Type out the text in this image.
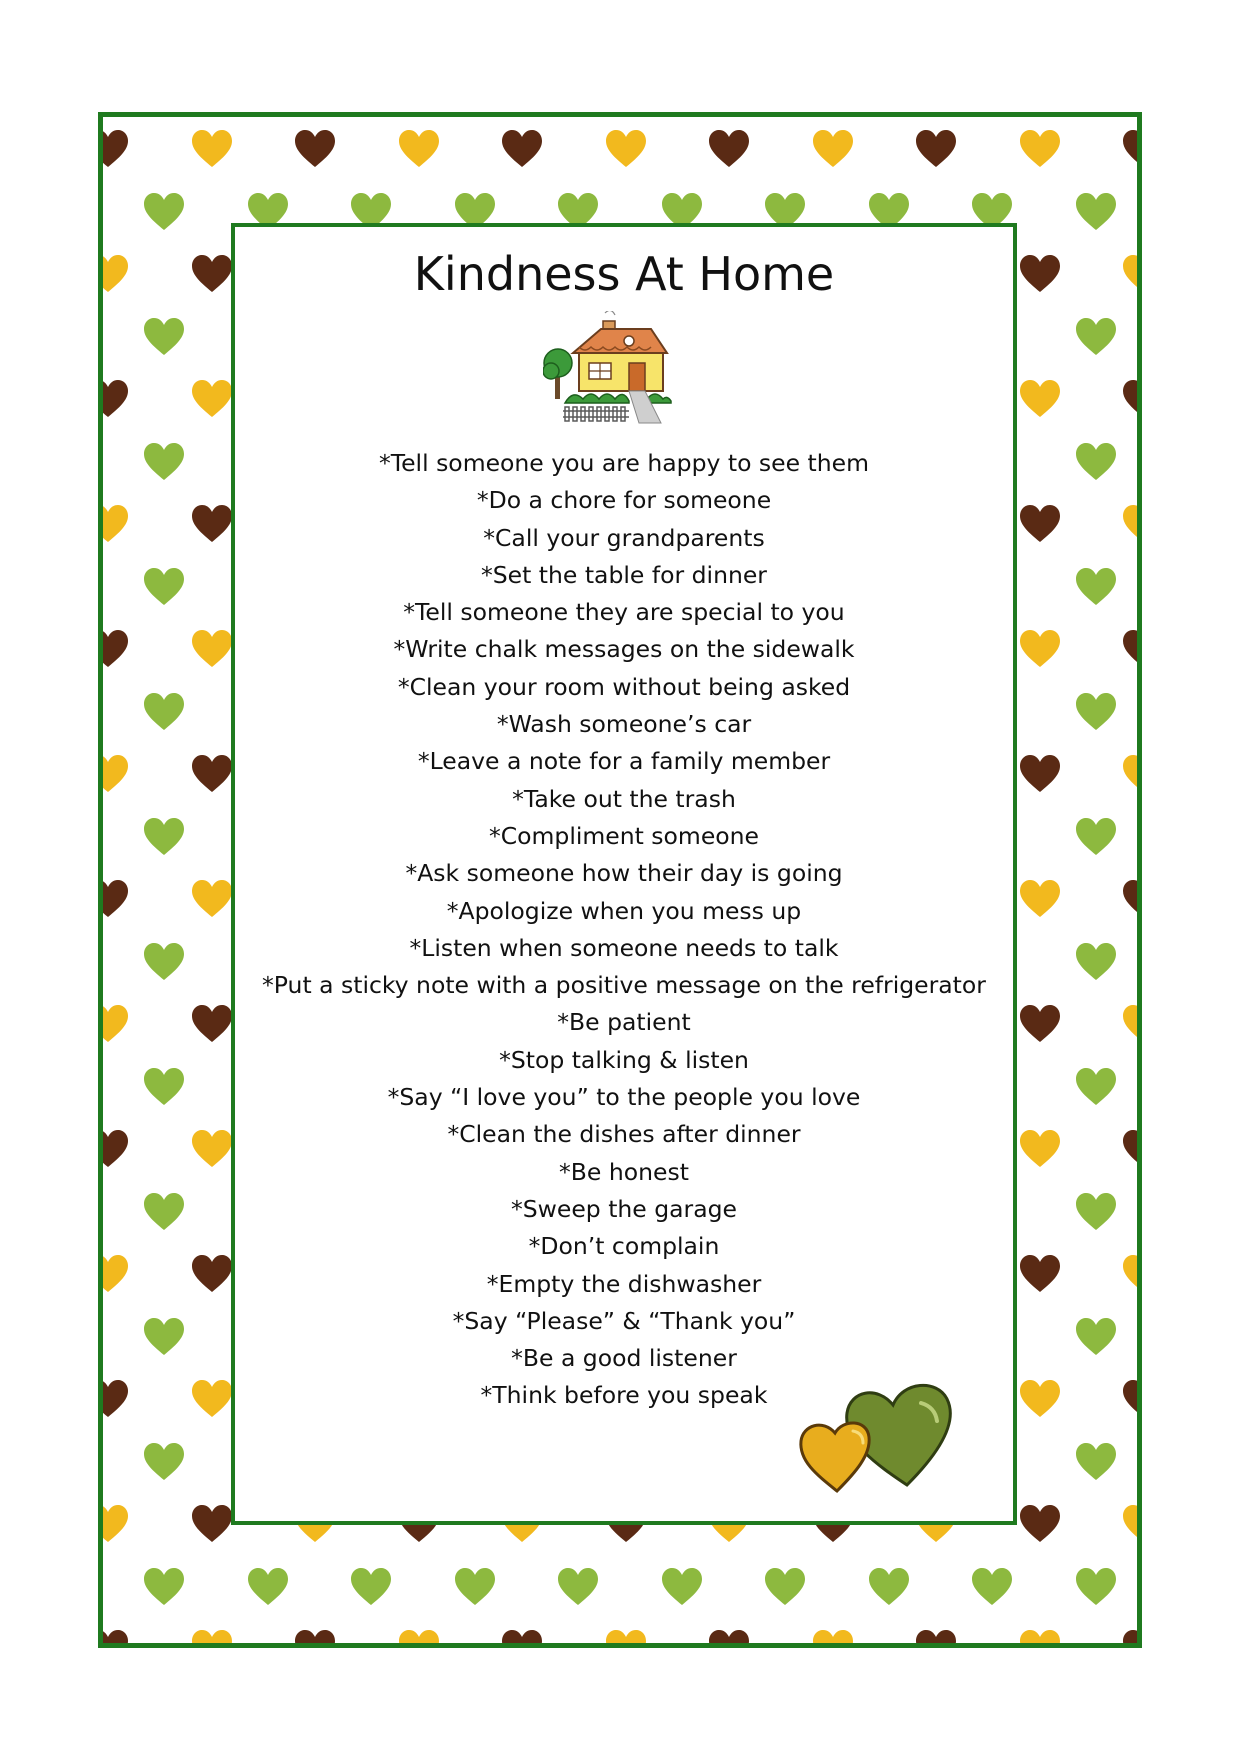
Kindness At Home
*Tell someone you are happy to see them
*Do a chore for someone
*Call your grandparents
*Set the table for dinner
*Tell someone they are special to you
*Write chalk messages on the sidewalk
*Clean your room without being asked
*Wash someone’s car
*Leave a note for a family member
*Take out the trash
*Compliment someone
*Ask someone how their day is going
*Apologize when you mess up
*Listen when someone needs to talk
*Put a sticky note with a positive message on the refrigerator
*Be patient
*Stop talking & listen
*Say “I love you” to the people you love
*Clean the dishes after dinner
*Be honest
*Sweep the garage
*Don’t complain
*Empty the dishwasher
*Say “Please” & “Thank you”
*Be a good listener
*Think before you speak
